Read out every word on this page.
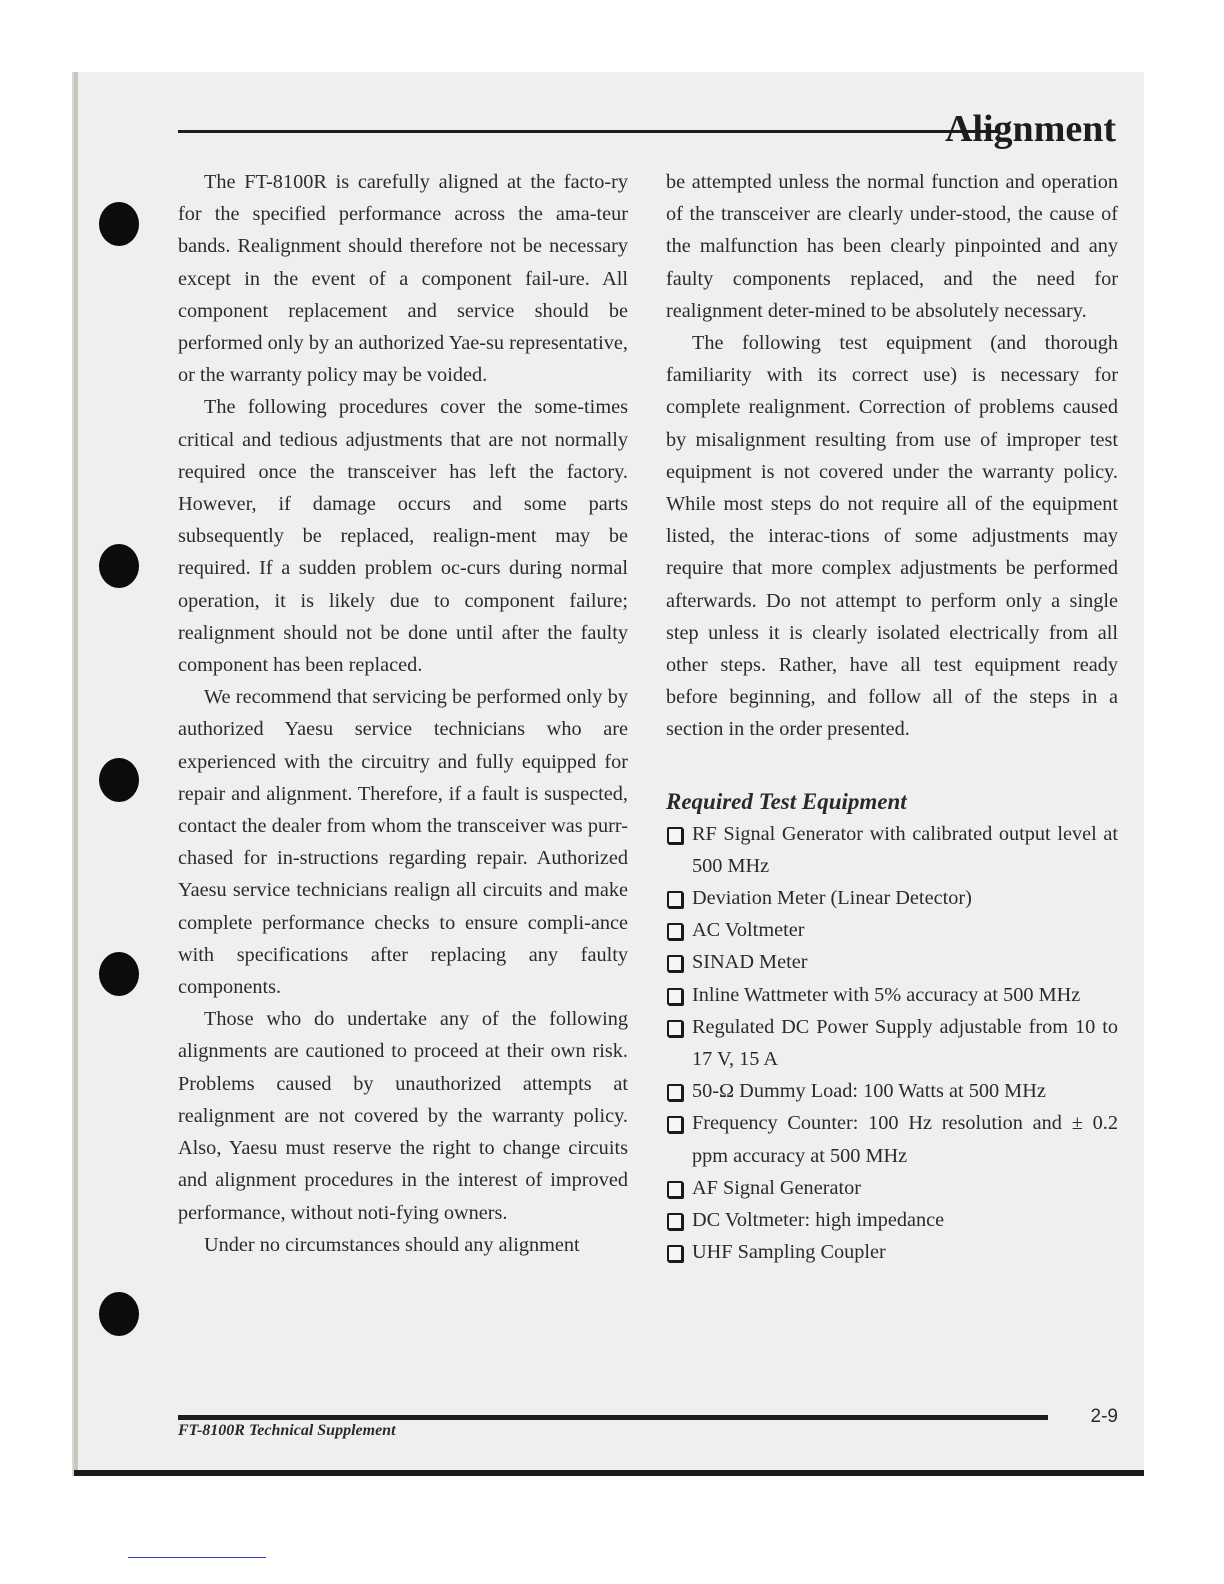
Alignment

The FT-8100R is carefully aligned at the facto-ry for the specified performance across the ama-teur bands. Realignment should therefore not be necessary except in the event of a component fail-ure. All component replacement and service should be performed only by an authorized Yae-su representative, or the warranty policy may be voided.

The following procedures cover the some-times critical and tedious adjustments that are not normally required once the transceiver has left the factory. However, if damage occurs and some parts subsequently be replaced, realign-ment may be required. If a sudden problem oc-curs during normal operation, it is likely due to component failure; realignment should not be done until after the faulty component has been replaced.

We recommend that servicing be performed only by authorized Yaesu service technicians who are experienced with the circuitry and fully equipped for repair and alignment. Therefore, if a fault is suspected, contact the dealer from whom the transceiver was purr-chased for in-structions regarding repair. Authorized Yaesu service technicians realign all circuits and make complete performance checks to ensure compli-ance with specifications after replacing any faulty components.

Those who do undertake any of the following alignments are cautioned to proceed at their own risk. Problems caused by unauthorized attempts at realignment are not covered by the warranty policy. Also, Yaesu must reserve the right to change circuits and alignment procedures in the interest of improved performance, without noti-fying owners.

Under no circumstances should any alignment

be attempted unless the normal function and operation of the transceiver are clearly under-stood, the cause of the malfunction has been clearly pinpointed and any faulty components replaced, and the need for realignment deter-mined to be absolutely necessary.

The following test equipment (and thorough familiarity with its correct use) is necessary for complete realignment. Correction of problems caused by misalignment resulting from use of improper test equipment is not covered under the warranty policy. While most steps do not require all of the equipment listed, the interac-tions of some adjustments may require that more complex adjustments be performed afterwards. Do not attempt to perform only a single step unless it is clearly isolated electrically from all other steps. Rather, have all test equipment ready before beginning, and follow all of the steps in a section in the order presented.

Required Test Equipment
RF Signal Generator with calibrated output level at 500 MHz
Deviation Meter (Linear Detector)
AC Voltmeter
SINAD Meter
Inline Wattmeter with 5% accuracy at 500 MHz
Regulated DC Power Supply adjustable from 10 to 17 V, 15 A
50-Ω Dummy Load: 100 Watts at 500 MHz
Frequency Counter: 100 Hz resolution and ± 0.2 ppm accuracy at 500 MHz
AF Signal Generator
DC Voltmeter: high impedance
UHF Sampling Coupler
FT-8100R Technical Supplement
2-9
